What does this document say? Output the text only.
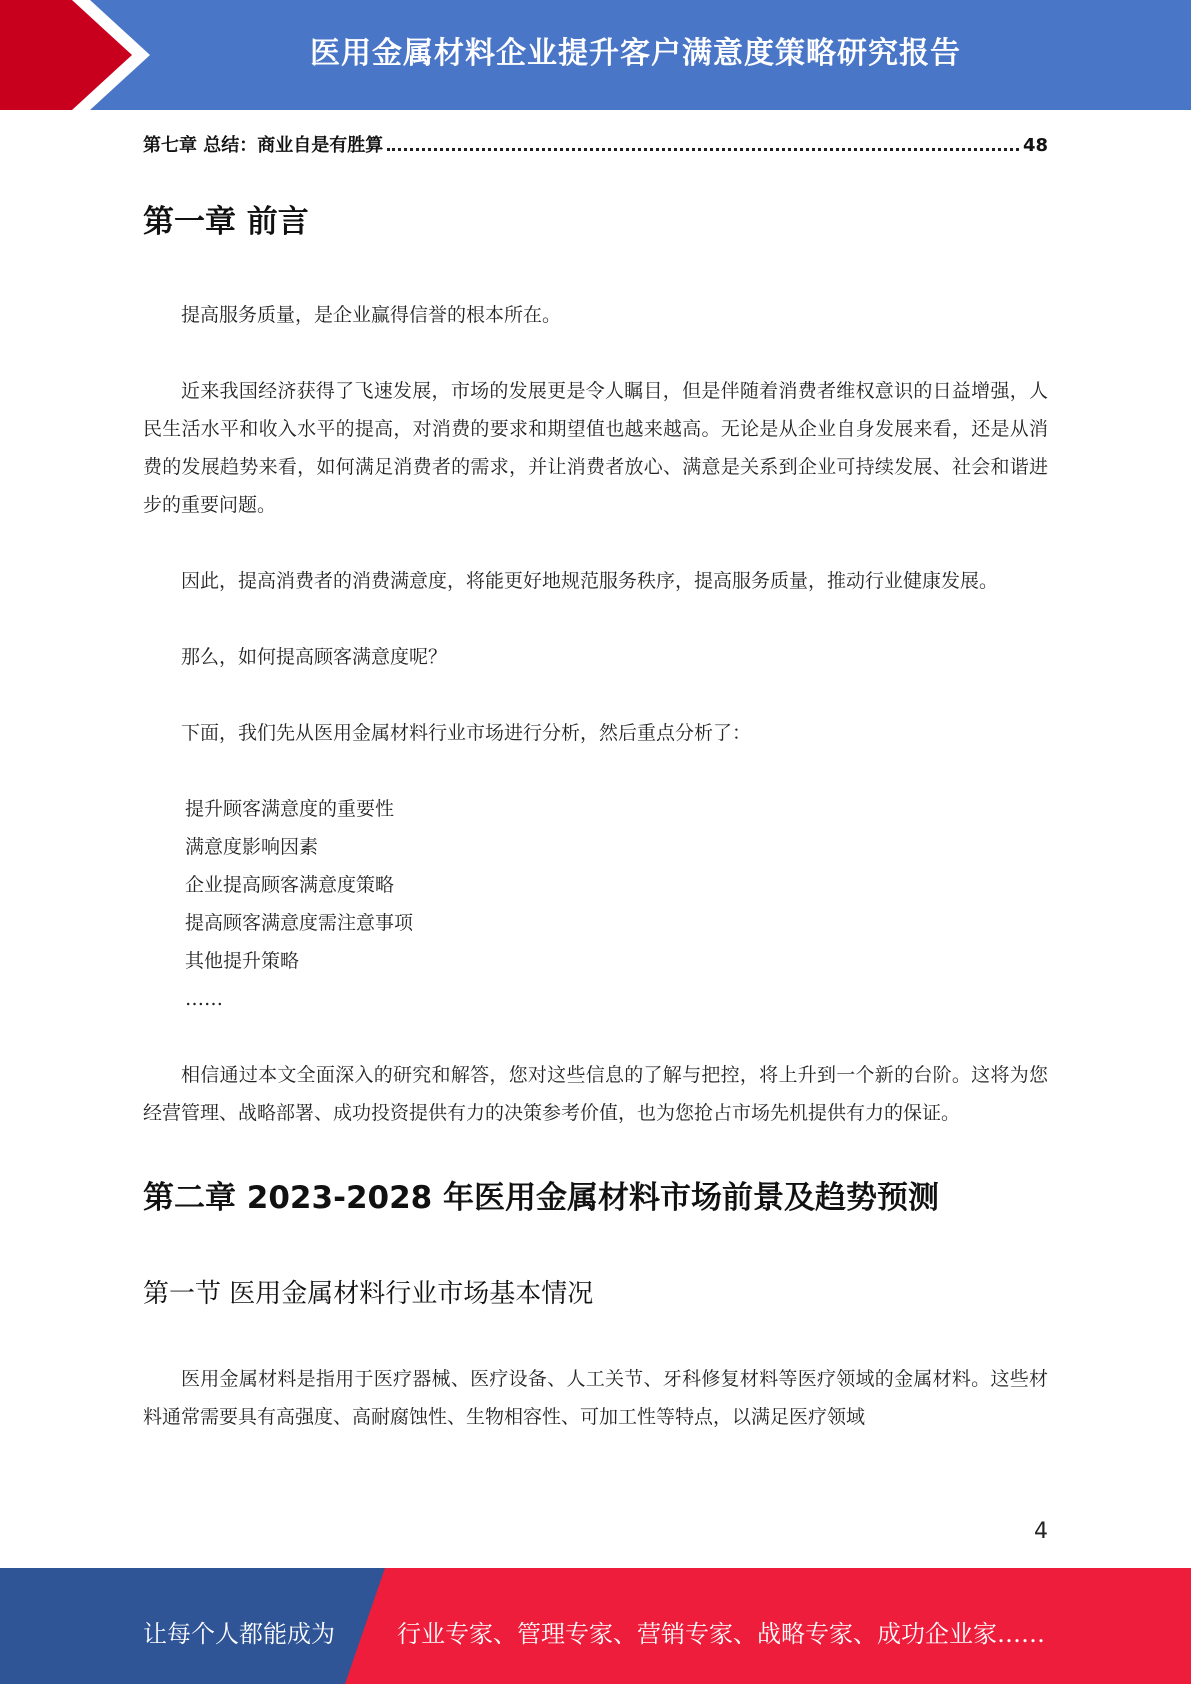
医用金属材料企业提升客户满意度策略研究报告
第七章 总结：商业自是有胜算	48
第一章 前言

提高服务质量，是企业赢得信誉的根本所在。

近来我国经济获得了飞速发展，市场的发展更是令人瞩目，但是伴随着消费者维权意识的日益增强，人民生活水平和收入水平的提高，对消费的要求和期望值也越来越高。无论是从企业自身发展来看，还是从消费的发展趋势来看，如何满足消费者的需求，并让消费者放心、满意是关系到企业可持续发展、社会和谐进步的重要问题。

因此，提高消费者的消费满意度，将能更好地规范服务秩序，提高服务质量，推动行业健康发展。

那么，如何提高顾客满意度呢？

下面，我们先从医用金属材料行业市场进行分析，然后重点分析了：

提升顾客满意度的重要性
满意度影响因素
企业提高顾客满意度策略
提高顾客满意度需注意事项
其他提升策略
……

相信通过本文全面深入的研究和解答，您对这些信息的了解与把控，将上升到一个新的台阶。这将为您经营管理、战略部署、成功投资提供有力的决策参考价值，也为您抢占市场先机提供有力的保证。

第二章 2023-2028 年医用金属材料市场前景及趋势预测
第一节 医用金属材料行业市场基本情况

医用金属材料是指用于医疗器械、医疗设备、人工关节、牙科修复材料等医疗领域的金属材料。这些材料通常需要具有高强度、高耐腐蚀性、生物相容性、可加工性等特点，以满足医疗领域

4
让每个人都能成为	行业专家、管理专家、营销专家、战略专家、成功企业家……
